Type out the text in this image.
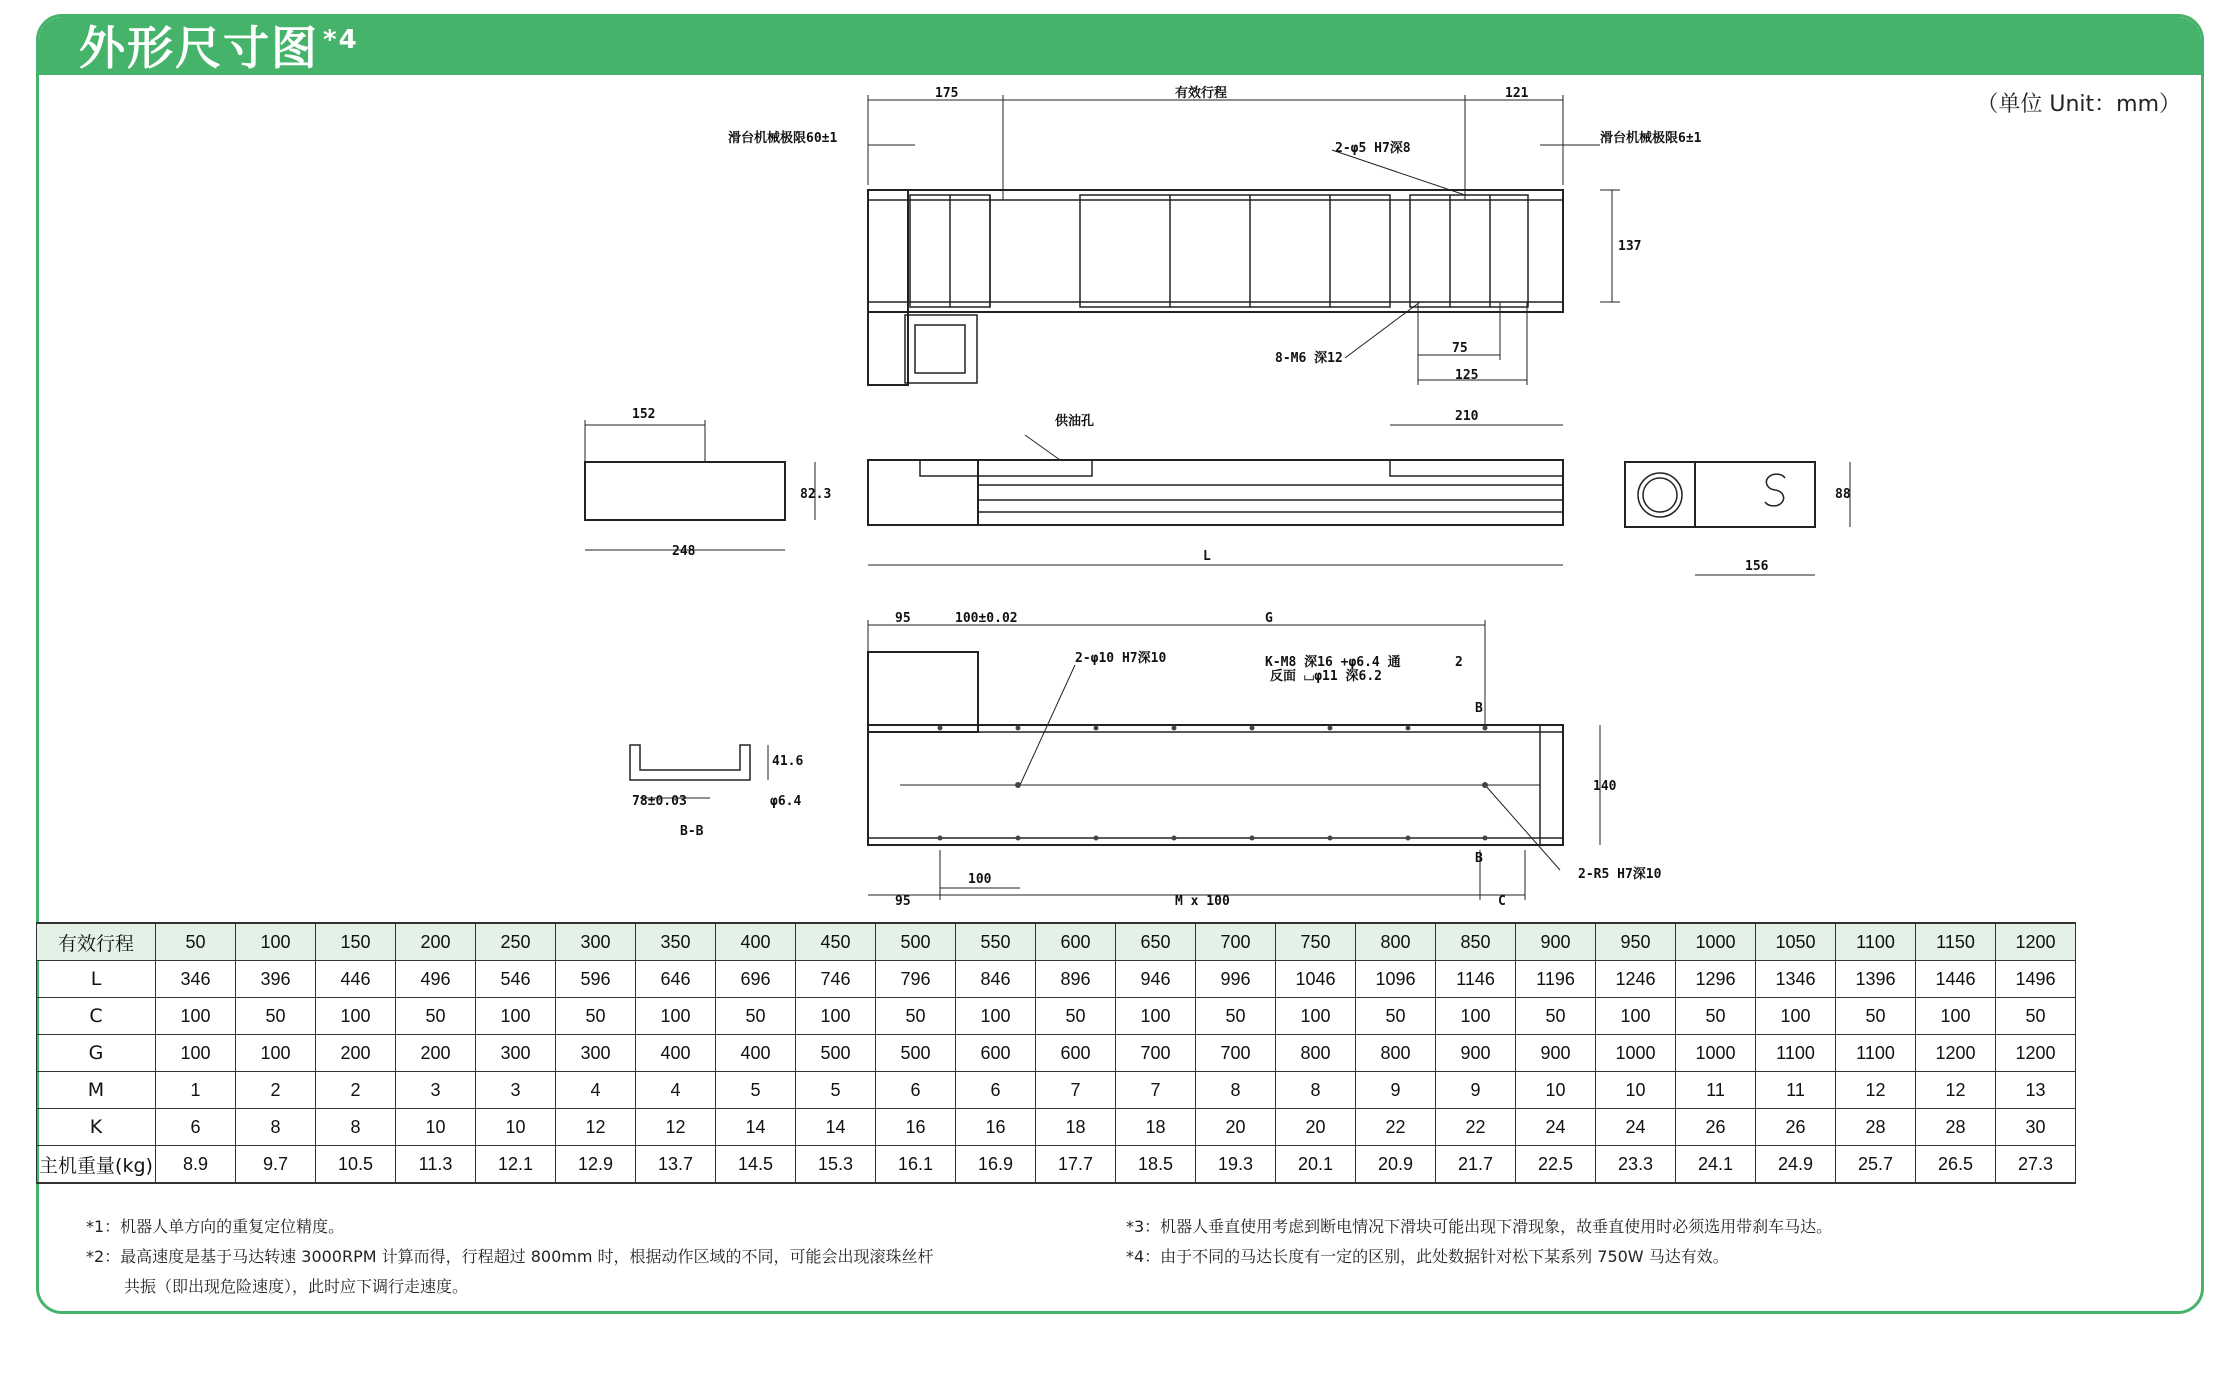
外形尺寸图 $^{*4}$
（单位 Unit：mm）
175	有效行程	121
滑台机械极限60±1	滑台机械极限6±1
2-φ5 H7深8
137
8-M6 深12
75
125
152
82.3
248
供油孔	210
L
88
156
95	100±0.02	G
2-φ10 H7深10	K-M8 深16 +φ6.4 通
反面 ⌴φ11 深6.2
2
B
B
140
2-R5 H7深10
100
95	M x 100	C
41.6
78±0.03	φ6.4
B-B
有效行程	50	100	150	200	250	300	350	400	450	500	550	600	650	700	750	800	850	900	950	1000	1050	1100	1150	1200
L	346	396	446	496	546	596	646	696	746	796	846	896	946	996	1046	1096	1146	1196	1246	1296	1346	1396	1446	1496
C	100	50	100	50	100	50	100	50	100	50	100	50	100	50	100	50	100	50	100	50	100	50	100	50
G	100	100	200	200	300	300	400	400	500	500	600	600	700	700	800	800	900	900	1000	1000	1100	1100	1200	1200
M	1	2	2	3	3	4	4	5	5	6	6	7	7	8	8	9	9	10	10	11	11	12	12	13
K	6	8	8	10	10	12	12	14	14	16	16	18	18	20	20	22	22	24	24	26	26	28	28	30
主机重量(kg)	8.9	9.7	10.5	11.3	12.1	12.9	13.7	14.5	15.3	16.1	16.9	17.7	18.5	19.3	20.1	20.9	21.7	22.5	23.3	24.1	24.9	25.7	26.5	27.3
*1：机器人单方向的重复定位精度。
*2：最高速度是基于马达转速 3000RPM 计算而得，行程超过 800mm 时，根据动作区域的不同，可能会出现滚珠丝杆
共振（即出现危险速度），此时应下调行走速度。
*3：机器人垂直使用考虑到断电情况下滑块可能出现下滑现象，故垂直使用时必须选用带刹车马达。
*4：由于不同的马达长度有一定的区别，此处数据针对松下某系列 750W 马达有效。
